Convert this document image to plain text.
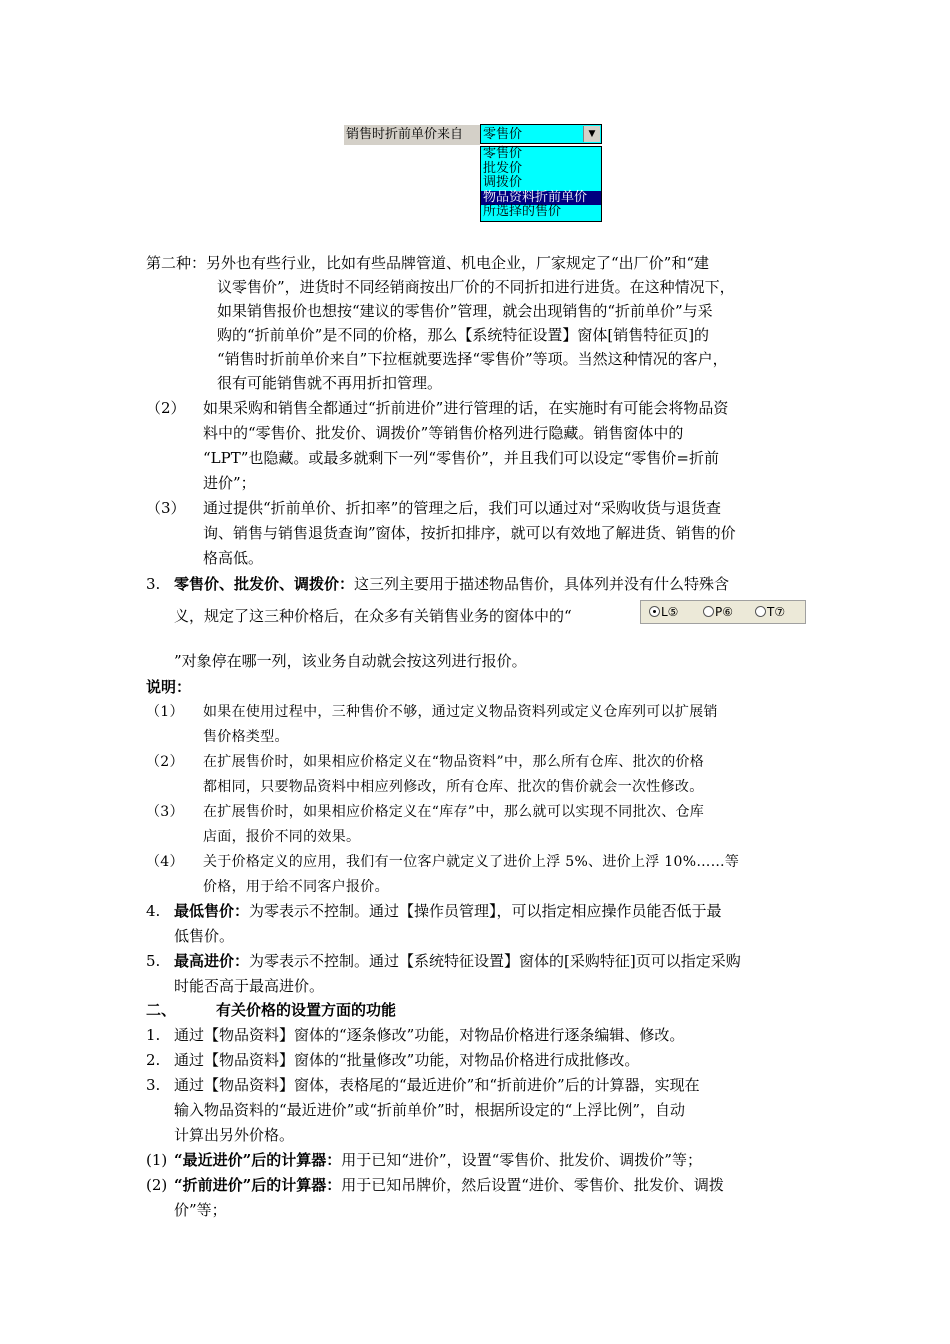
销售时折前单价来自	零售价	▼
零售价
批发价
调拨价
物品资料折前单价
所选择的售价
第二种：另外也有些行业，比如有些品牌管道、机电企业，厂家规定了“出厂价”和“建
议零售价”，进货时不同经销商按出厂价的不同折扣进行进货。在这种情况下，
如果销售报价也想按“建议的零售价”管理，就会出现销售的“折前单价”与采
购的“折前单价”是不同的价格，那么【系统特征设置】窗体[销售特征页]的
“销售时折前单价来自”下拉框就要选择“零售价”等项。当然这种情况的客户，
很有可能销售就不再用折扣管理。
（2） 如果采购和销售全都通过“折前进价”进行管理的话，在实施时有可能会将物品资
料中的“零售价、批发价、调拨价”等销售价格列进行隐藏。销售窗体中的
“LPT”也隐藏。或最多就剩下一列“零售价”，并且我们可以设定“零售价=折前
进价”；
（3） 通过提供“折前单价、折扣率”的管理之后，我们可以通过对“采购收货与退货查
询、销售与销售退货查询”窗体，按折扣排序，就可以有效地了解进货、销售的价
格高低。
3. 零售价、批发价、调拨价：这三列主要用于描述物品售价，具体列并没有什么特殊含
义，规定了这三种价格后，在众多有关销售业务的窗体中的“	L⑤	P⑥	T⑦
”对象停在哪一列，该业务自动就会按这列进行报价。
说明：
（1） 如果在使用过程中，三种售价不够，通过定义物品资料列或定义仓库列可以扩展销
售价格类型。
（2） 在扩展售价时，如果相应价格定义在“物品资料”中，那么所有仓库、批次的价格
都相同，只要物品资料中相应列修改，所有仓库、批次的售价就会一次性修改。
（3） 在扩展售价时，如果相应价格定义在“库存”中，那么就可以实现不同批次、仓库
店面，报价不同的效果。
（4） 关于价格定义的应用，我们有一位客户就定义了进价上浮 5%、进价上浮 10%……等
价格，用于给不同客户报价。
4. 最低售价：为零表示不控制。通过【操作员管理】，可以指定相应操作员能否低于最
低售价。
5. 最高进价：为零表示不控制。通过【系统特征设置】窗体的[采购特征]页可以指定采购
时能否高于最高进价。
二、	有关价格的设置方面的功能
1. 通过【物品资料】窗体的“逐条修改”功能，对物品价格进行逐条编辑、修改。
2. 通过【物品资料】窗体的“批量修改”功能，对物品价格进行成批修改。
3. 通过【物品资料】窗体，表格尾的“最近进价”和“折前进价”后的计算器，实现在
输入物品资料的“最近进价”或“折前单价”时，根据所设定的“上浮比例”，自动
计算出另外价格。
(1) “最近进价”后的计算器：用于已知“进价”，设置“零售价、批发价、调拨价”等；
(2) “折前进价”后的计算器：用于已知吊牌价，然后设置“进价、零售价、批发价、调拨
价”等；
